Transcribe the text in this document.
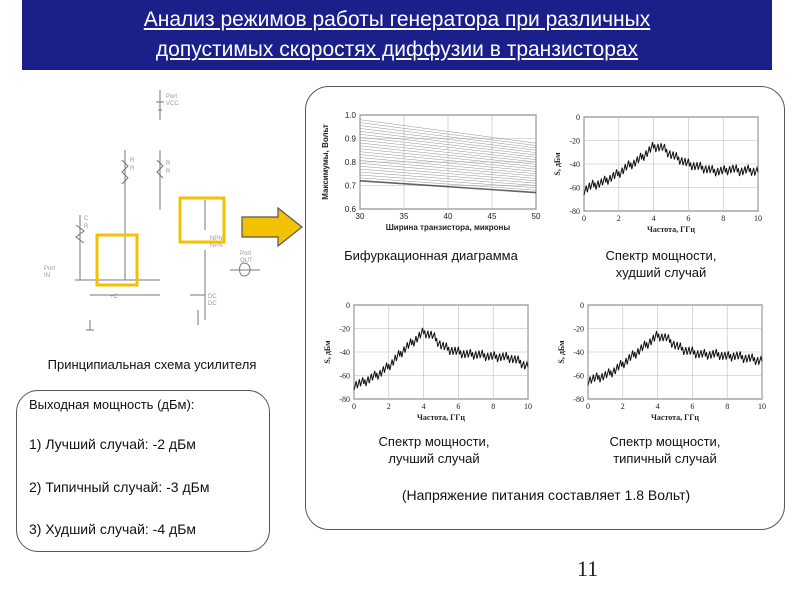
Анализ режимов работы генератора при различных
допустимых скоростях диффузии в транзисторах
Port
VCC
R
R
R
R
C
R
Port
IN
Port
OUT
NPN
NPN
DC
DC
+C
Принципиальная схема усилителя
Выходная мощность (дБм):
1) Лучший случай: -2 дБм
2) Типичный случай: -3 дБм
3) Худший случай: -4 дБм
30	35	40	45	50
0.6
0.7
0.8
0.9
1.0
Ширина транзистора, микроны
Максимумы, Вольт
Бифуркационная диаграмма
0	2	4	6	8	10
0
-20
-40
-60
-80
Частота, ГГц
S, дБм
Спектр мощности,
худший случай
0	2	4	6	8	10
0
-20
-40
-60
-80
Частота, ГГц
S, дБм
Спектр мощности,
лучший случай
0	2	4	6	8	10
0
-20
-40
-60
-80
Частота, ГГц
S, дБм
Спектр мощности,
типичный случай
(Напряжение питания составляет 1.8 Вольт)
11
